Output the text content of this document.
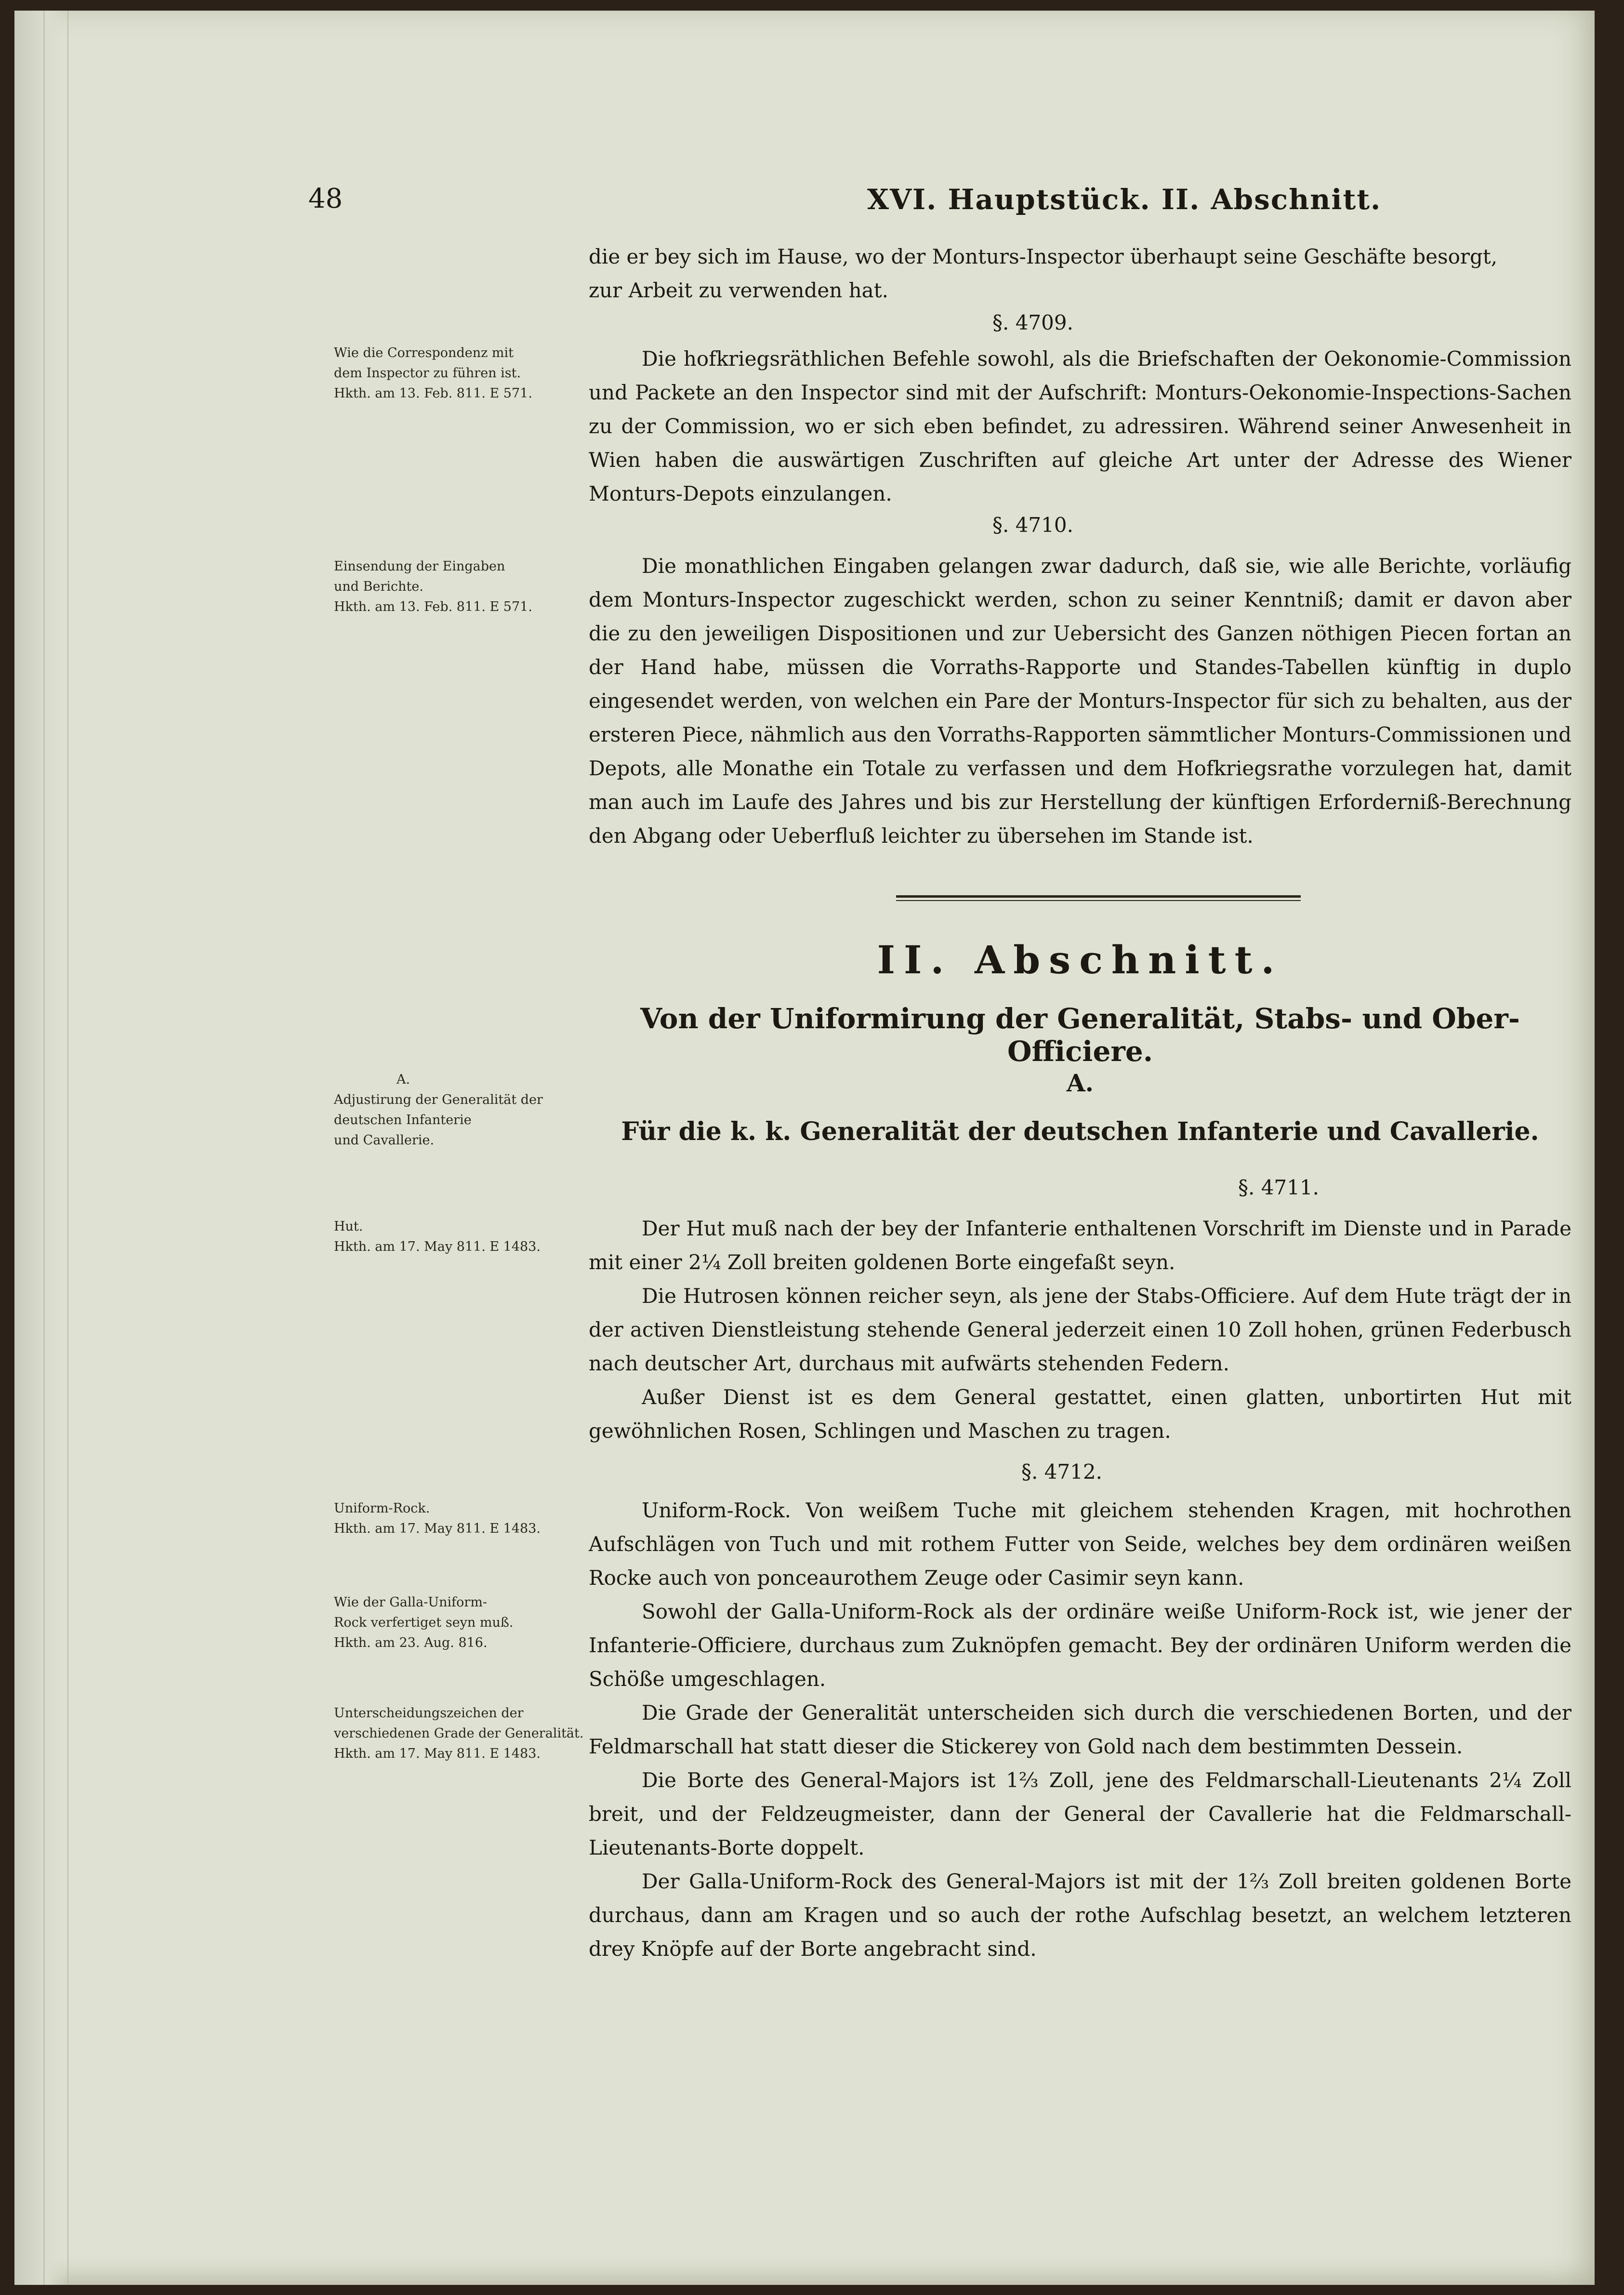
48	XVI. Hauptstück. II. Abschnitt.
die er bey sich im Hause, wo der Monturs-Inspector überhaupt seine Geschäfte besorgt,
zur Arbeit zu verwenden hat.
§. 4709.
Wie die Correspondenz mit
dem Inspector zu führen ist.
Hkth. am 13. Feb. 811. E 571.
Die hofkriegsräthlichen Befehle sowohl, als die Briefschaften der Oekonomie-Commission und Packete an den Inspector sind mit der Aufschrift: Monturs-Oekonomie-Inspections-Sachen zu der Commission, wo er sich eben befindet, zu adressiren. Während seiner Anwesenheit in Wien haben die auswärtigen Zuschriften auf gleiche Art unter der Adresse des Wiener Monturs-Depots einzulangen.
§. 4710.
Einsendung der Eingaben
und Berichte.
Hkth. am 13. Feb. 811. E 571.
Die monathlichen Eingaben gelangen zwar dadurch, daß sie, wie alle Berichte, vorläufig dem Monturs-Inspector zugeschickt werden, schon zu seiner Kenntniß; damit er davon aber die zu den jeweiligen Dispositionen und zur Uebersicht des Ganzen nöthigen Piecen fortan an der Hand habe, müssen die Vorraths-Rapporte und Standes-Tabellen künftig in duplo eingesendet werden, von welchen ein Pare der Monturs-Inspector für sich zu behalten, aus der ersteren Piece, nähmlich aus den Vorraths-Rapporten sämmtlicher Monturs-Commissionen und Depots, alle Monathe ein Totale zu verfassen und dem Hofkriegsrathe vorzulegen hat, damit man auch im Laufe des Jahres und bis zur Herstellung der künftigen Erforderniß-Berechnung den Abgang oder Ueberfluß leichter zu übersehen im Stande ist.
II. Abschnitt.
Von der Uniformirung der Generalität, Stabs- und Ober-Officiere.
A.
Für die k. k. Generalität der deutschen Infanterie und Cavallerie.
A.
Adjustirung der Generalität der deutschen Infanterie
und Cavallerie.
§. 4711.
Hut.
Hkth. am 17. May 811. E 1483.
Der Hut muß nach der bey der Infanterie enthaltenen Vorschrift im Dienste und in Parade mit einer 2¼ Zoll breiten goldenen Borte eingefaßt seyn.
Die Hutrosen können reicher seyn, als jene der Stabs-Officiere. Auf dem Hute trägt der in der activen Dienstleistung stehende General jederzeit einen 10 Zoll hohen, grünen Federbusch nach deutscher Art, durchaus mit aufwärts stehenden Federn.
Außer Dienst ist es dem General gestattet, einen glatten, unbortirten Hut mit gewöhnlichen Rosen, Schlingen und Maschen zu tragen.
§. 4712.
Uniform-Rock.
Hkth. am 17. May 811. E 1483.
Wie der Galla-Uniform-
Rock verfertiget seyn muß.
Hkth. am 23. Aug. 816.
Unterscheidungszeichen der
verschiedenen Grade der Generalität.
Hkth. am 17. May 811. E 1483.
Uniform-Rock. Von weißem Tuche mit gleichem stehenden Kragen, mit hochrothen Aufschlägen von Tuch und mit rothem Futter von Seide, welches bey dem ordinären weißen Rocke auch von ponceaurothem Zeuge oder Casimir seyn kann.
Sowohl der Galla-Uniform-Rock als der ordinäre weiße Uniform-Rock ist, wie jener der Infanterie-Officiere, durchaus zum Zuknöpfen gemacht. Bey der ordinären Uniform werden die Schöße umgeschlagen.
Die Grade der Generalität unterscheiden sich durch die verschiedenen Borten, und der Feldmarschall hat statt dieser die Stickerey von Gold nach dem bestimmten Dessein.
Die Borte des General-Majors ist 1⅔ Zoll, jene des Feldmarschall-Lieutenants 2¼ Zoll breit, und der Feldzeugmeister, dann der General der Cavallerie hat die Feldmarschall-Lieutenants-Borte doppelt.
Der Galla-Uniform-Rock des General-Majors ist mit der 1⅔ Zoll breiten goldenen Borte durchaus, dann am Kragen und so auch der rothe Aufschlag besetzt, an welchem letzteren drey Knöpfe auf der Borte angebracht sind.
